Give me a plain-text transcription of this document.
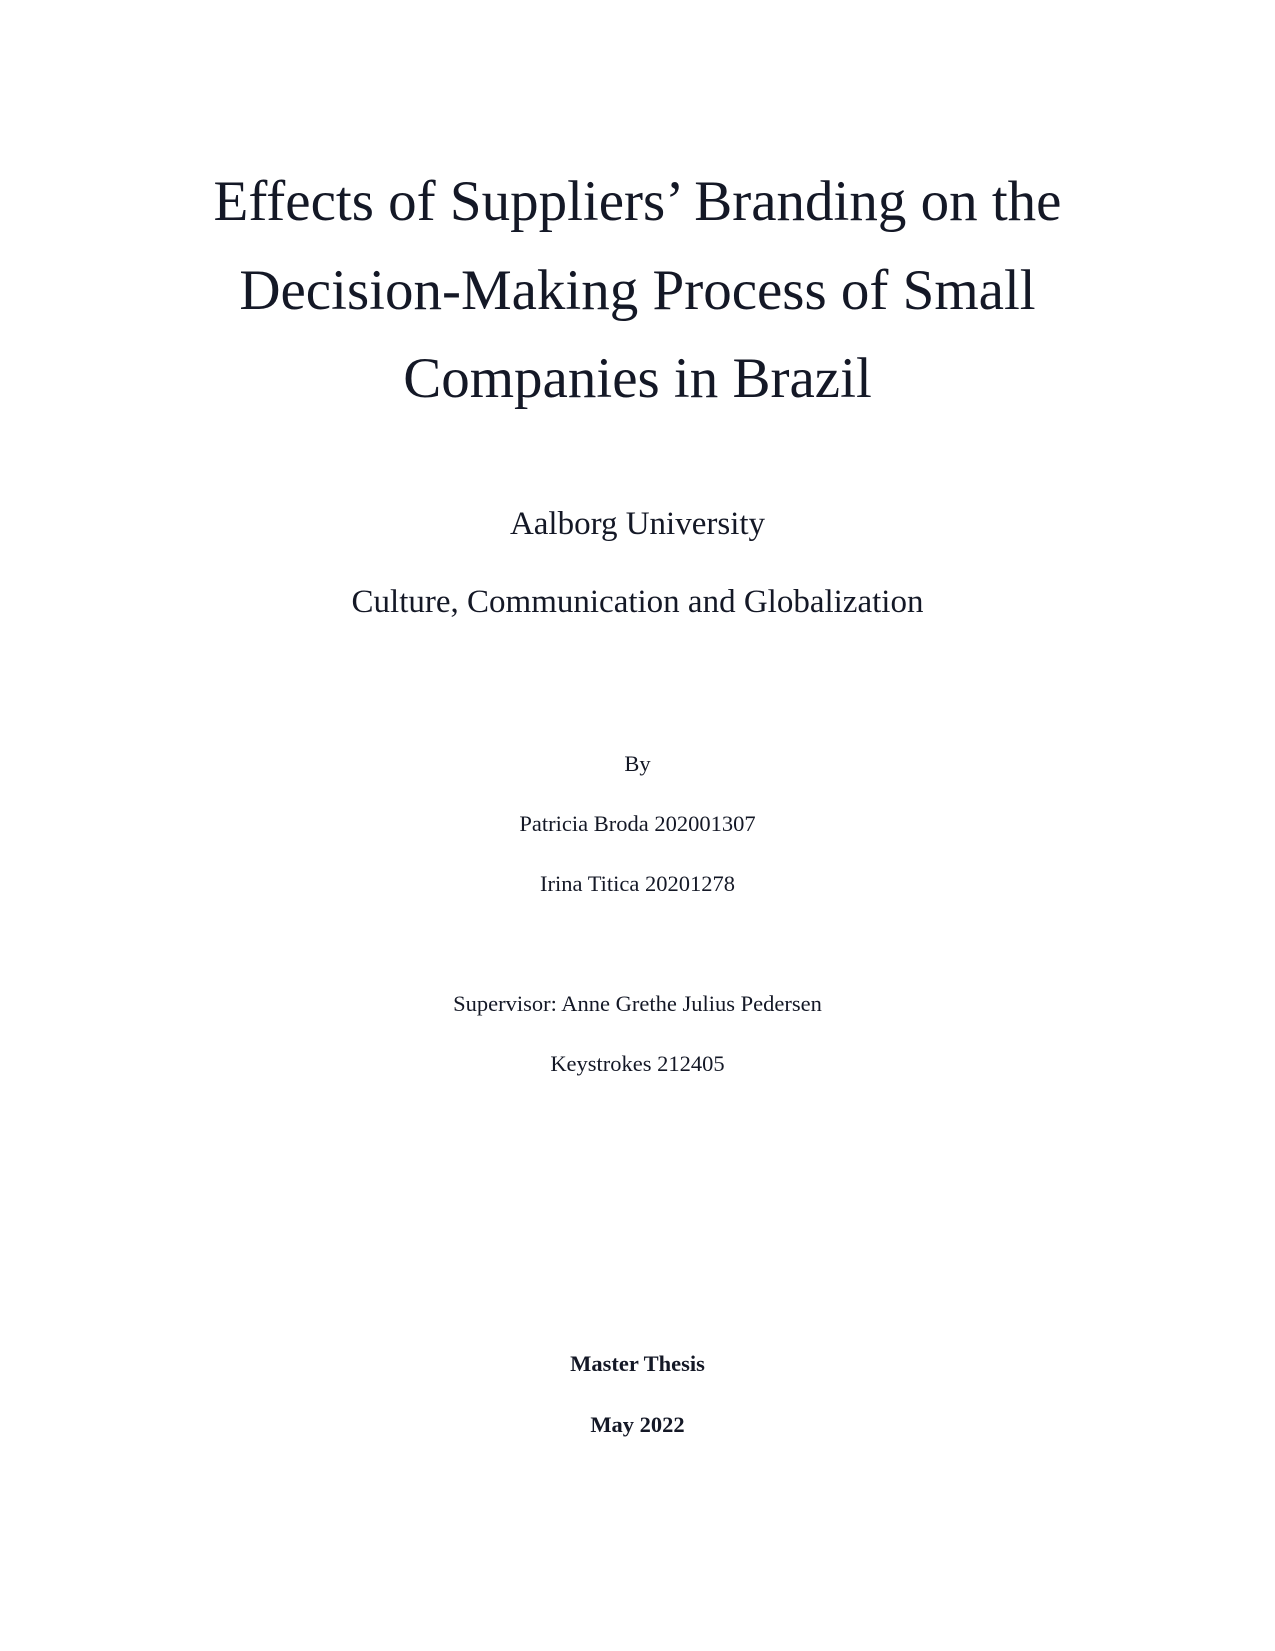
Effects of Suppliers’ Branding on the
Decision-Making Process of Small
Companies in Brazil
Aalborg University
Culture, Communication and Globalization
By
Patricia Broda 202001307
Irina Titica 20201278
Supervisor: Anne Grethe Julius Pedersen
Keystrokes 212405
Master Thesis
May 2022
